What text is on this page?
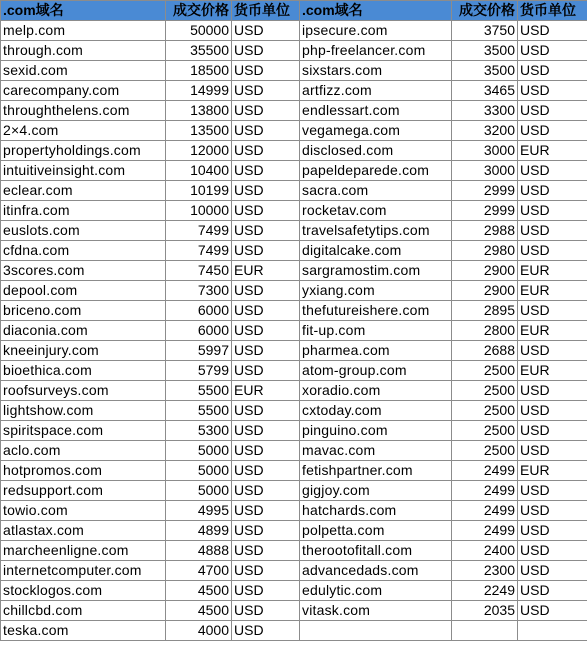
.com域名	成交价格	货币单位	.com域名	成交价格	货币单位
melp.com	50000	USD	ipsecure.com	3750	USD
through.com	35500	USD	php-freelancer.com	3500	USD
sexid.com	18500	USD	sixstars.com	3500	USD
carecompany.com	14999	USD	artfizz.com	3465	USD
throughthelens.com	13800	USD	endlessart.com	3300	USD
2×4.com	13500	USD	vegamega.com	3200	USD
propertyholdings.com	12000	USD	disclosed.com	3000	EUR
intuitiveinsight.com	10400	USD	papeldeparede.com	3000	USD
eclear.com	10199	USD	sacra.com	2999	USD
itinfra.com	10000	USD	rocketav.com	2999	USD
euslots.com	7499	USD	travelsafetytips.com	2988	USD
cfdna.com	7499	USD	digitalcake.com	2980	USD
3scores.com	7450	EUR	sargramostim.com	2900	EUR
depool.com	7300	USD	yxiang.com	2900	EUR
briceno.com	6000	USD	thefutureishere.com	2895	USD
diaconia.com	6000	USD	fit-up.com	2800	EUR
kneeinjury.com	5997	USD	pharmea.com	2688	USD
bioethica.com	5799	USD	atom-group.com	2500	EUR
roofsurveys.com	5500	EUR	xoradio.com	2500	USD
lightshow.com	5500	USD	cxtoday.com	2500	USD
spiritspace.com	5300	USD	pinguino.com	2500	USD
aclo.com	5000	USD	mavac.com	2500	USD
hotpromos.com	5000	USD	fetishpartner.com	2499	EUR
redsupport.com	5000	USD	gigjoy.com	2499	USD
towio.com	4995	USD	hatchards.com	2499	USD
atlastax.com	4899	USD	polpetta.com	2499	USD
marcheenligne.com	4888	USD	therootofitall.com	2400	USD
internetcomputer.com	4700	USD	advancedads.com	2300	USD
stocklogos.com	4500	USD	edulytic.com	2249	USD
chillcbd.com	4500	USD	vitask.com	2035	USD
teska.com	4000	USD			
